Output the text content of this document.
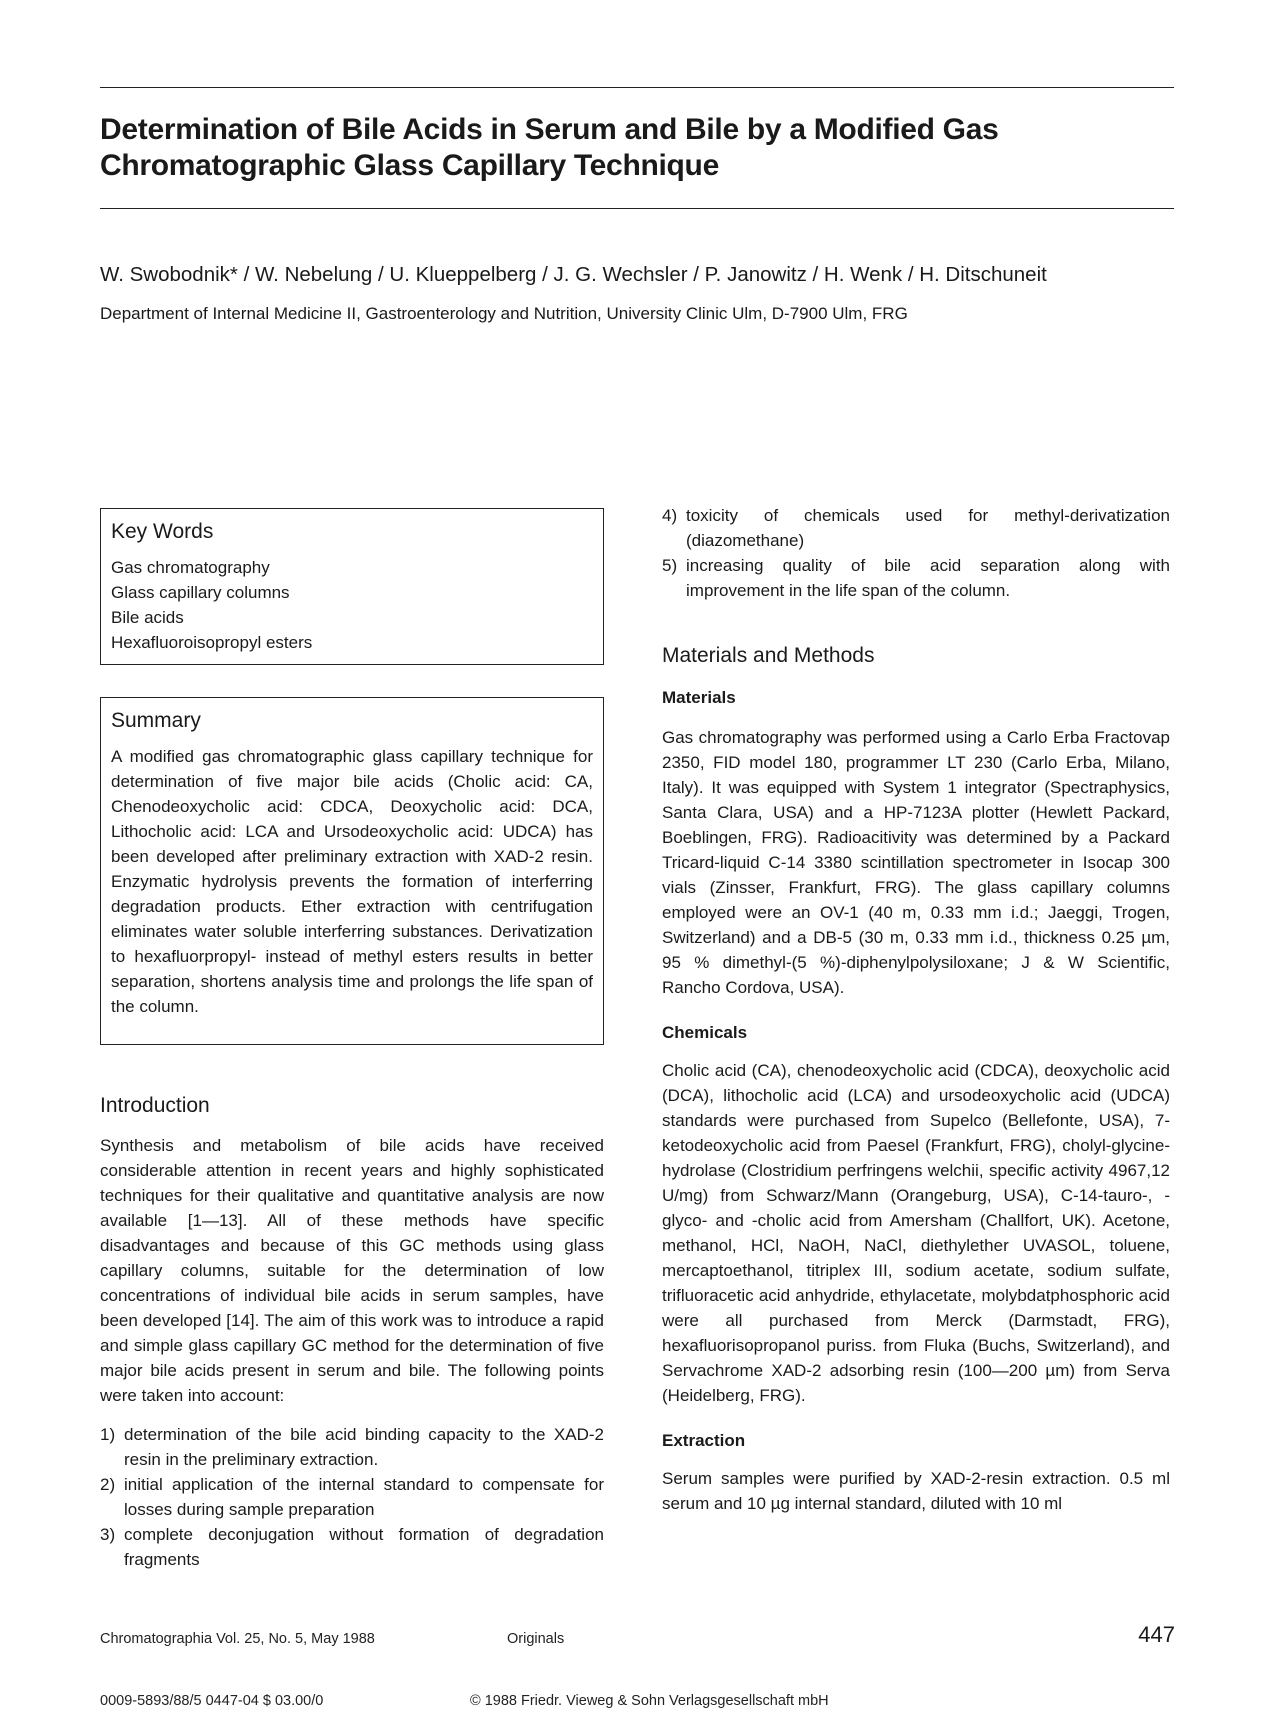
Determination of Bile Acids in Serum and Bile by a Modified Gas
Chromatographic Glass Capillary Technique
W. Swobodnik* / W. Nebelung / U. Klueppelberg / J. G. Wechsler / P. Janowitz / H. Wenk / H. Ditschuneit
Department of Internal Medicine II, Gastroenterology and Nutrition, University Clinic Ulm, D-7900 Ulm, FRG
Key Words
Gas chromatography
Glass capillary columns
Bile acids
Hexafluoroisopropyl esters
Summary

A modified gas chromatographic glass capillary technique for determination of five major bile acids (Cholic acid: CA, Chenodeoxycholic acid: CDCA, Deoxycholic acid: DCA, Lithocholic acid: LCA and Ursodeoxycholic acid: UDCA) has been developed after preliminary extraction with XAD-2 resin. Enzymatic hydrolysis prevents the formation of interferring degradation products. Ether extraction with centrifugation eliminates water soluble interferring substances. Derivatization to hexafluorpropyl- instead of methyl esters results in better separation, shortens analysis time and prolongs the life span of the column.

Introduction

Synthesis and metabolism of bile acids have received considerable attention in recent years and highly sophisticated techniques for their qualitative and quantitative analysis are now available [1—13]. All of these methods have specific disadvantages and because of this GC methods using glass capillary columns, suitable for the determination of low concentrations of individual bile acids in serum samples, have been developed [14]. The aim of this work was to introduce a rapid and simple glass capillary GC method for the determination of five major bile acids present in serum and bile. The following points were taken into account:

1) determination of the bile acid binding capacity to the XAD-2 resin in the preliminary extraction.
2) initial application of the internal standard to compensate for losses during sample preparation
3) complete deconjugation without formation of degradation fragments
4) toxicity of chemicals used for methyl-derivatization (diazomethane)
5) increasing quality of bile acid separation along with improvement in the life span of the column.
Materials and Methods
Materials

Gas chromatography was performed using a Carlo Erba Fractovap 2350, FID model 180, programmer LT 230 (Carlo Erba, Milano, Italy). It was equipped with System 1 integrator (Spectraphysics, Santa Clara, USA) and a HP-7123A plotter (Hewlett Packard, Boeblingen, FRG). Radioacitivity was determined by a Packard Tricard-liquid C-14 3380 scintillation spectrometer in Isocap 300 vials (Zinsser, Frankfurt, FRG). The glass capillary columns employed were an OV-1 (40 m, 0.33 mm i.d.; Jaeggi, Trogen, Switzerland) and a DB-5 (30 m, 0.33 mm i.d., thickness 0.25 µm, 95 % dimethyl-(5 %)-diphenylpolysiloxane; J & W Scientific, Rancho Cordova, USA).

Chemicals

Cholic acid (CA), chenodeoxycholic acid (CDCA), deoxycholic acid (DCA), lithocholic acid (LCA) and ursodeoxycholic acid (UDCA) standards were purchased from Supelco (Bellefonte, USA), 7-ketodeoxycholic acid from Paesel (Frankfurt, FRG), cholyl-glycine-hydrolase (Clostridium perfringens welchii, specific activity 4967,12 U/mg) from Schwarz/Mann (Orangeburg, USA), C-14-tauro-, -glyco- and -cholic acid from Amersham (Challfort, UK). Acetone, methanol, HCl, NaOH, NaCl, diethylether UVASOL, toluene, mercaptoethanol, titriplex III, sodium acetate, sodium sulfate, trifluoracetic acid anhydride, ethylacetate, molybdatphosphoric acid were all purchased from Merck (Darmstadt, FRG), hexafluorisopropanol puriss. from Fluka (Buchs, Switzerland), and Servachrome XAD-2 adsorbing resin (100—200 µm) from Serva (Heidelberg, FRG).

Extraction

Serum samples were purified by XAD-2-resin extraction. 0.5 ml serum and 10 µg internal standard, diluted with 10 ml

Chromatographia Vol. 25, No. 5, May 1988	Originals	447
0009-5893/88/5 0447-04 $ 03.00/0	© 1988 Friedr. Vieweg & Sohn Verlagsgesellschaft mbH
